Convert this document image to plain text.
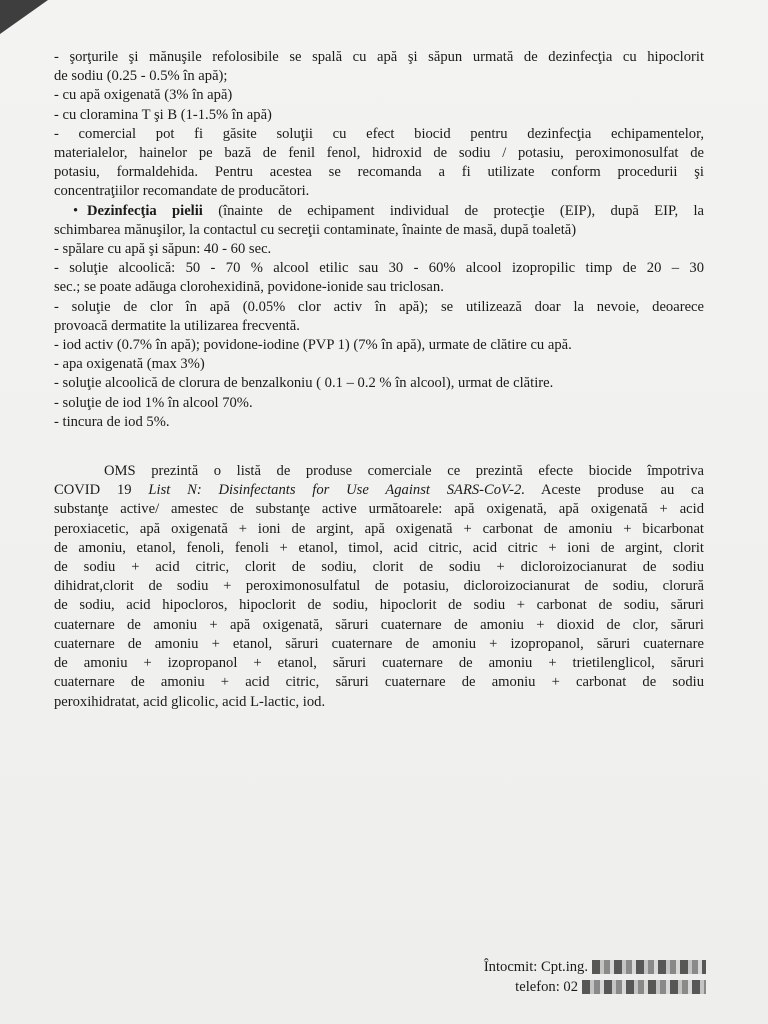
- şorţurile şi mănuşile refolosibile se spală cu apă şi săpun urmată de dezinfecţia cu hipoclorit
de sodiu (0.25 - 0.5% în apă);
- cu apă oxigenată (3% în apă)
- cu cloramina T şi B (1-1.5% în apă)
- comercial pot fi găsite soluţii cu efect biocid pentru dezinfecţia echipamentelor,
materialelor, hainelor pe bază de fenil fenol, hidroxid de sodiu / potasiu, peroximonosulfat de
potasiu, formaldehida. Pentru acestea se recomanda a fi utilizate conform procedurii şi
concentraţiilor recomandate de producători.
• Dezinfecţia pielii (înainte de echipament individual de protecţie (EIP), după EIP, la
schimbarea mănuşilor, la contactul cu secreţii contaminate, înainte de masă, după toaletă)
- spălare cu apă şi săpun: 40 - 60 sec.
- soluţie alcoolică: 50 - 70 % alcool etilic sau 30 - 60% alcool izopropilic timp de 20 – 30
sec.; se poate adăuga clorohexidină, povidone-ionide sau triclosan.
- soluţie de clor în apă (0.05% clor activ în apă); se utilizează doar la nevoie, deoarece
provoacă dermatite la utilizarea frecventă.
- iod activ (0.7% în apă); povidone-iodine (PVP 1) (7% în apă), urmate de clătire cu apă.
- apa oxigenată (max 3%)
- soluţie alcoolică de clorura de benzalkoniu ( 0.1 – 0.2 % în alcool), urmat de clătire.
- soluţie de iod 1% în alcool 70%.
- tincura de iod 5%.
OMS prezintă o listă de produse comerciale ce prezintă efecte biocide împotriva
COVID 19 List N: Disinfectants for Use Against SARS-CoV-2. Aceste produse au ca
substanţe active/ amestec de substanţe active următoarele: apă oxigenată, apă oxigenată + acid
peroxiacetic, apă oxigenată + ioni de argint, apă oxigenată + carbonat de amoniu + bicarbonat
de amoniu, etanol, fenoli, fenoli + etanol, timol, acid citric, acid citric + ioni de argint, clorit
de sodiu + acid citric, clorit de sodiu, clorit de sodiu + dicloroizocianurat de sodiu
dihidrat,clorit de sodiu + peroximonosulfatul de potasiu, dicloroizocianurat de sodiu, clorură
de sodiu, acid hipocloros, hipoclorit de sodiu, hipoclorit de sodiu + carbonat de sodiu, săruri
cuaternare de amoniu + apă oxigenată, săruri cuaternare de amoniu + dioxid de clor, săruri
cuaternare de amoniu + etanol, săruri cuaternare de amoniu + izopropanol, săruri cuaternare
de amoniu + izopropanol + etanol, săruri cuaternare de amoniu + trietilenglicol, săruri
cuaternare de amoniu + acid citric, săruri cuaternare de amoniu + carbonat de sodiu
peroxihidratat, acid glicolic, acid L-lactic, iod.
Întocmit: Cpt.ing.
telefon: 02
